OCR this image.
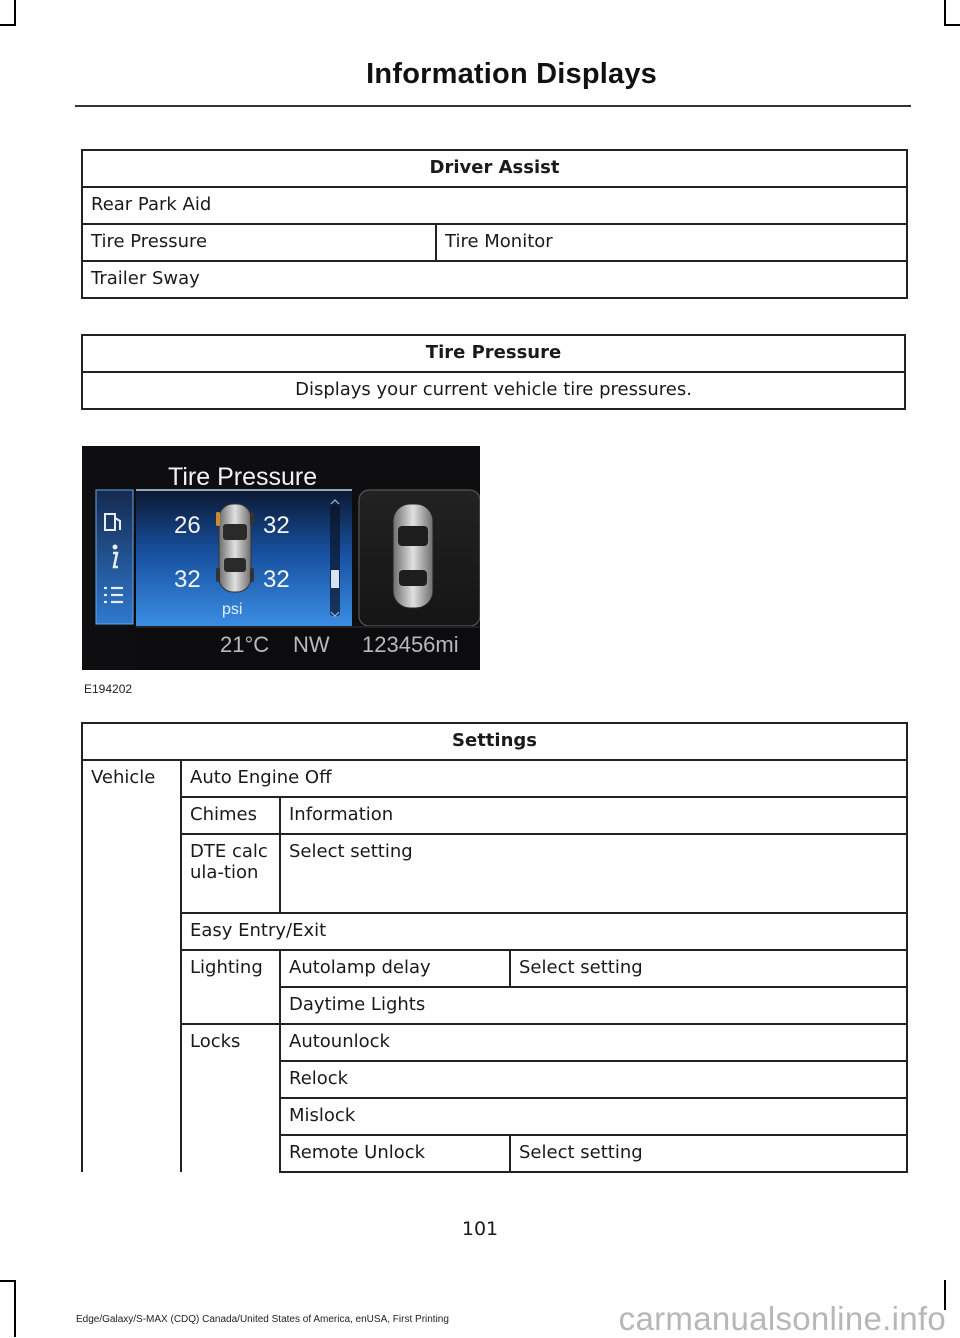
Information Displays
Driver Assist
Rear Park Aid
Tire Pressure	Tire Monitor
Trailer Sway
Tire Pressure
Displays your current vehicle tire pressures.
Tire Pressure
26	32
32	32
psi
21°C NW 123456mi
E194202
Settings			
Vehicle	Auto Engine Off		
	Chimes	Information	
	DTE calcula-tion	Select setting	
	Easy Entry/Exit		
	Lighting	Autolamp delay	Select setting
		Daytime Lights	
	Locks	Autounlock	
		Relock	
		Mislock	
		Remote Unlock	Select setting
101
Edge/Galaxy/S-MAX (CDQ) Canada/United States of America, enUSA, First Printing	carmanualsonline.info
